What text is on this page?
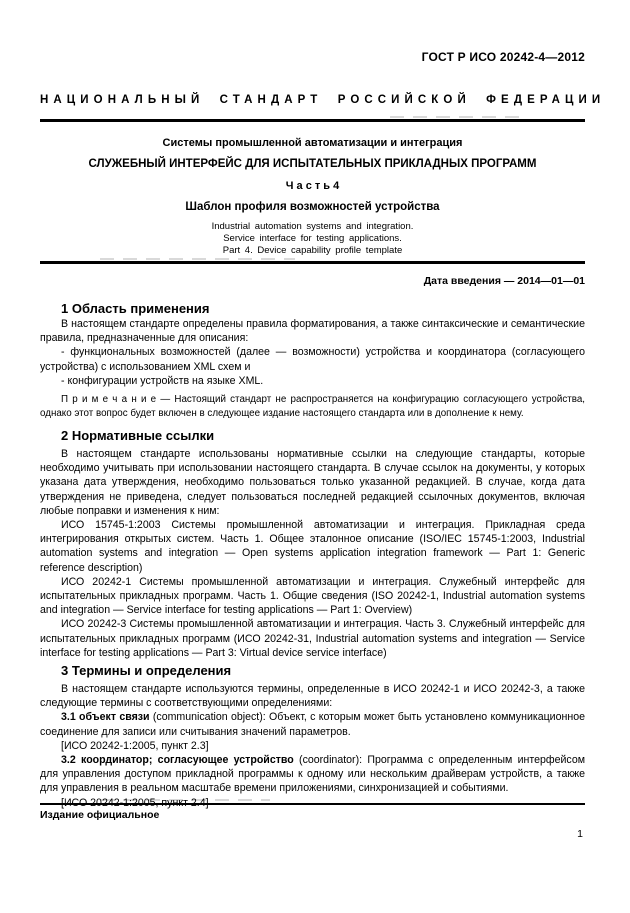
ГОСТ Р ИСО 20242-4—2012
НАЦИОНАЛЬНЫЙ СТАНДАРТ РОССИЙСКОЙ ФЕДЕРАЦИИ
Системы промышленной автоматизации и интеграция
СЛУЖЕБНЫЙ ИНТЕРФЕЙС ДЛЯ ИСПЫТАТЕЛЬНЫХ ПРИКЛАДНЫХ ПРОГРАММ
Ч а с т ь 4
Шаблон профиля возможностей устройства
Industrial automation systems and integration.
Service interface for testing applications.
Part 4. Device capability profile template
Дата введения — 2014—01—01
1 Область применения

В настоящем стандарте определены правила форматирования, а также синтаксические и семантические правила, предназначенные для описания:

- функциональных возможностей (далее — возможности) устройства и координатора (согласующего устройства) с использованием XML схем и

- конфигурации устройств на языке XML.

П р и м е ч а н и е — Настоящий стандарт не распространяется на конфигурацию согласующего устройства, однако этот вопрос будет включен в следующее издание настоящего стандарта или в дополнение к нему.

2 Нормативные ссылки

В настоящем стандарте использованы нормативные ссылки на следующие стандарты, которые необходимо учитывать при использовании настоящего стандарта. В случае ссылок на документы, у которых указана дата утверждения, необходимо пользоваться только указанной редакцией. В случае, когда дата утверждения не приведена, следует пользоваться последней редакцией ссылочных документов, включая любые поправки и изменения к ним:

ИСО 15745-1:2003 Системы промышленной автоматизации и интеграция. Прикладная среда интегрирования открытых систем. Часть 1. Общее эталонное описание (ISO/IEC 15745-1:2003, Industrial automation systems and integration — Open systems application integration framework — Part 1: Generic reference description)

ИСО 20242-1 Системы промышленной автоматизации и интеграция. Служебный интерфейс для испытательных прикладных программ. Часть 1. Общие сведения (ISO 20242-1, Industrial automation systems and integration — Service interface for testing applications — Part 1: Overview)

ИСО 20242-3 Системы промышленной автоматизации и интеграция. Часть 3. Служебный интерфейс для испытательных прикладных программ (ИСО 20242-31, Industrial automation systems and integration — Service interface for testing applications — Part 3: Virtual device service interface)

3 Термины и определения

В настоящем стандарте используются термины, определенные в ИСО 20242-1 и ИСО 20242-3, а также следующие термины с соответствующими определениями:

3.1 объект связи (communication object): Объект, с которым может быть установлено коммуникационное соединение для записи или считывания значений параметров.

[ИСО 20242-1:2005, пункт 2.3]

3.2 координатор; согласующее устройство (coordinator): Программа с определенным интерфейсом для управления доступом прикладной программы к одному или нескольким драйверам устройств, а также для управления в реальном масштабе времени приложениями, синхронизацией и событиями.

Издание официальное
1
